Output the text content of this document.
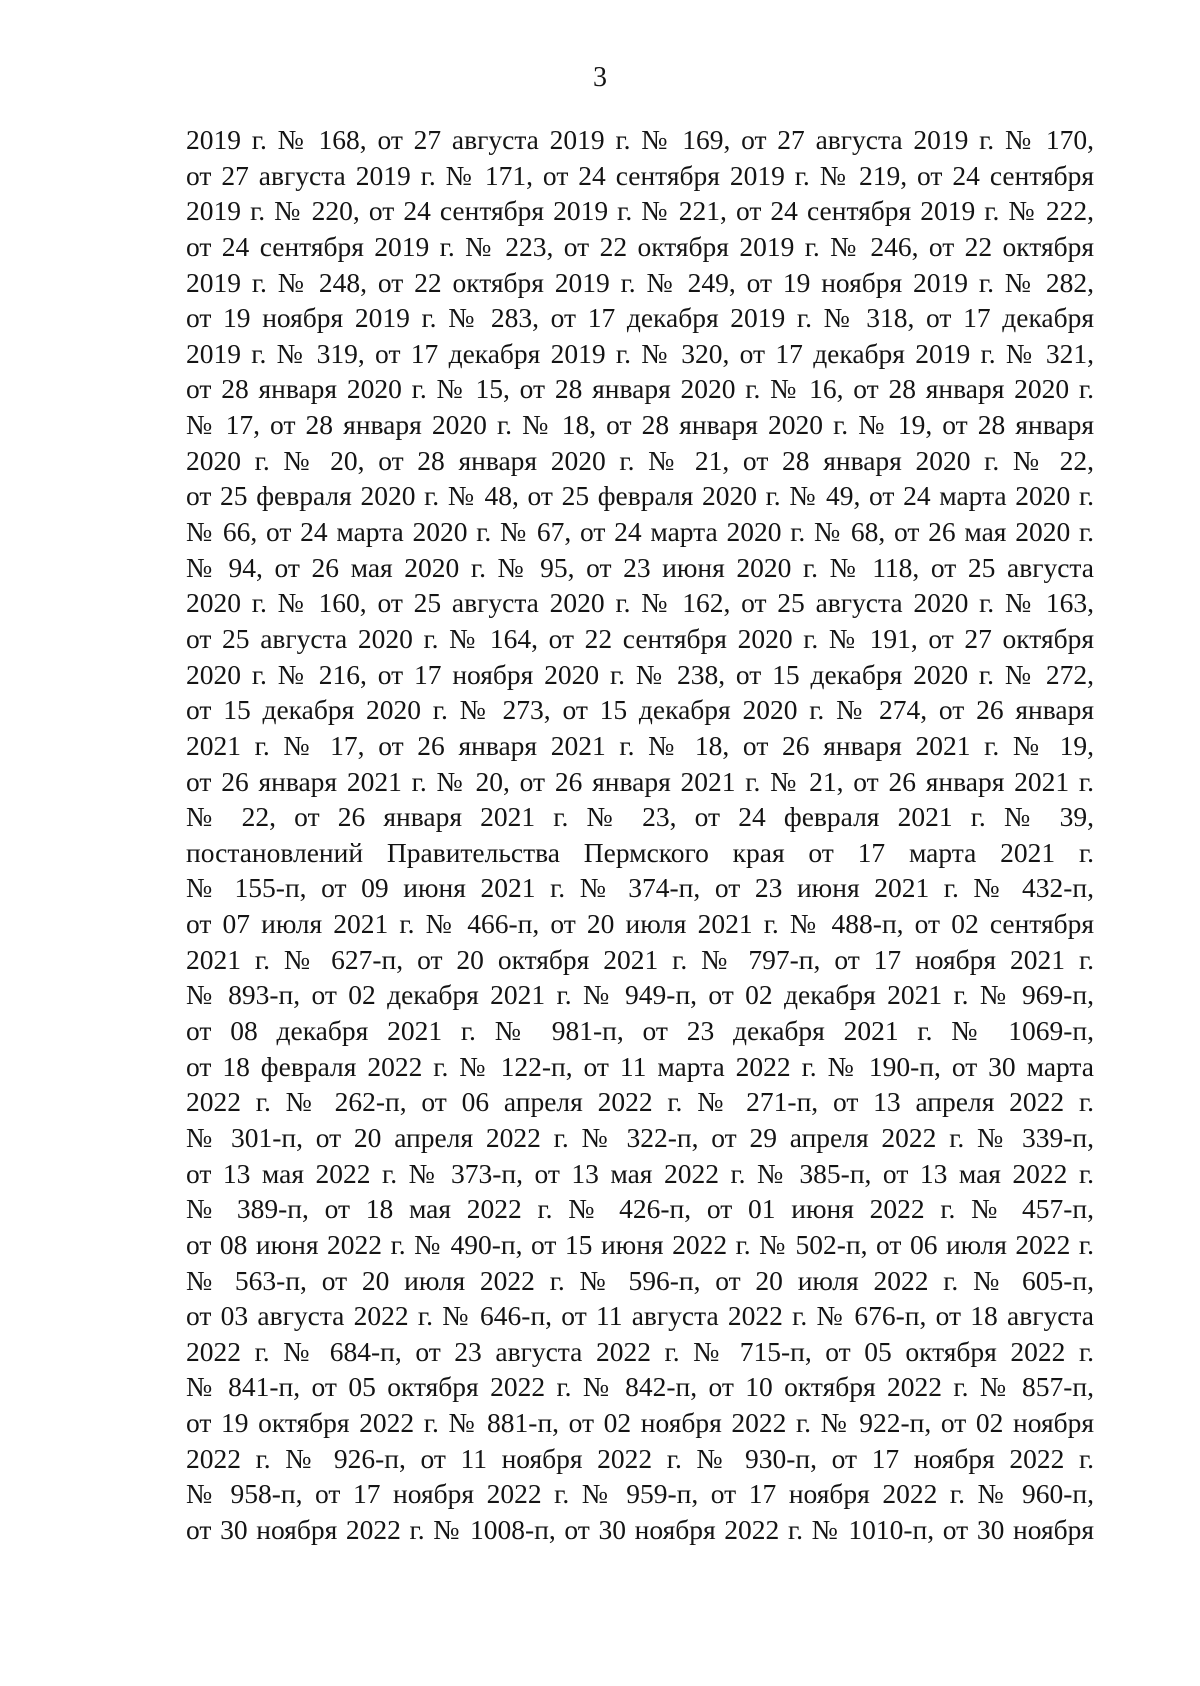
3
2019 г. № 168, от 27 августа 2019 г. № 169, от 27 августа 2019 г. № 170,
от 27 августа 2019 г. № 171, от 24 сентября 2019 г. № 219, от 24 сентября
2019 г. № 220, от 24 сентября 2019 г. № 221, от 24 сентября 2019 г. № 222,
от 24 сентября 2019 г. № 223, от 22 октября 2019 г. № 246, от 22 октября
2019 г. № 248, от 22 октября 2019 г. № 249, от 19 ноября 2019 г. № 282,
от 19 ноября 2019 г. № 283, от 17 декабря 2019 г. № 318, от 17 декабря
2019 г. № 319, от 17 декабря 2019 г. № 320, от 17 декабря 2019 г. № 321,
от 28 января 2020 г. № 15, от 28 января 2020 г. № 16, от 28 января 2020 г.
№ 17, от 28 января 2020 г. № 18, от 28 января 2020 г. № 19, от 28 января
2020 г. № 20, от 28 января 2020 г. № 21, от 28 января 2020 г. № 22,
от 25 февраля 2020 г. № 48, от 25 февраля 2020 г. № 49, от 24 марта 2020 г.
№ 66, от 24 марта 2020 г. № 67, от 24 марта 2020 г. № 68, от 26 мая 2020 г.
№ 94, от 26 мая 2020 г. № 95, от 23 июня 2020 г. № 118, от 25 августа
2020 г. № 160, от 25 августа 2020 г. № 162, от 25 августа 2020 г. № 163,
от 25 августа 2020 г. № 164, от 22 сентября 2020 г. № 191, от 27 октября
2020 г. № 216, от 17 ноября 2020 г. № 238, от 15 декабря 2020 г. № 272,
от 15 декабря 2020 г. № 273, от 15 декабря 2020 г. № 274, от 26 января
2021 г. № 17, от 26 января 2021 г. № 18, от 26 января 2021 г. № 19,
от 26 января 2021 г. № 20, от 26 января 2021 г. № 21, от 26 января 2021 г.
№ 22, от 26 января 2021 г. № 23, от 24 февраля 2021 г. № 39,
постановлений Правительства Пермского края от 17 марта 2021 г.
№ 155-п, от 09 июня 2021 г. № 374-п, от 23 июня 2021 г. № 432-п,
от 07 июля 2021 г. № 466-п, от 20 июля 2021 г. № 488-п, от 02 сентября
2021 г. № 627-п, от 20 октября 2021 г. № 797-п, от 17 ноября 2021 г.
№ 893-п, от 02 декабря 2021 г. № 949-п, от 02 декабря 2021 г. № 969-п,
от 08 декабря 2021 г. № 981-п, от 23 декабря 2021 г. № 1069-п,
от 18 февраля 2022 г. № 122-п, от 11 марта 2022 г. № 190-п, от 30 марта
2022 г. № 262-п, от 06 апреля 2022 г. № 271-п, от 13 апреля 2022 г.
№ 301-п, от 20 апреля 2022 г. № 322-п, от 29 апреля 2022 г. № 339-п,
от 13 мая 2022 г. № 373-п, от 13 мая 2022 г. № 385-п, от 13 мая 2022 г.
№ 389-п, от 18 мая 2022 г. № 426-п, от 01 июня 2022 г. № 457-п,
от 08 июня 2022 г. № 490-п, от 15 июня 2022 г. № 502-п, от 06 июля 2022 г.
№ 563-п, от 20 июля 2022 г. № 596-п, от 20 июля 2022 г. № 605-п,
от 03 августа 2022 г. № 646-п, от 11 августа 2022 г. № 676-п, от 18 августа
2022 г. № 684-п, от 23 августа 2022 г. № 715-п, от 05 октября 2022 г.
№ 841-п, от 05 октября 2022 г. № 842-п, от 10 октября 2022 г. № 857-п,
от 19 октября 2022 г. № 881-п, от 02 ноября 2022 г. № 922-п, от 02 ноября
2022 г. № 926-п, от 11 ноября 2022 г. № 930-п, от 17 ноября 2022 г.
№ 958-п, от 17 ноября 2022 г. № 959-п, от 17 ноября 2022 г. № 960-п,
от 30 ноября 2022 г. № 1008-п, от 30 ноября 2022 г. № 1010-п, от 30 ноября
